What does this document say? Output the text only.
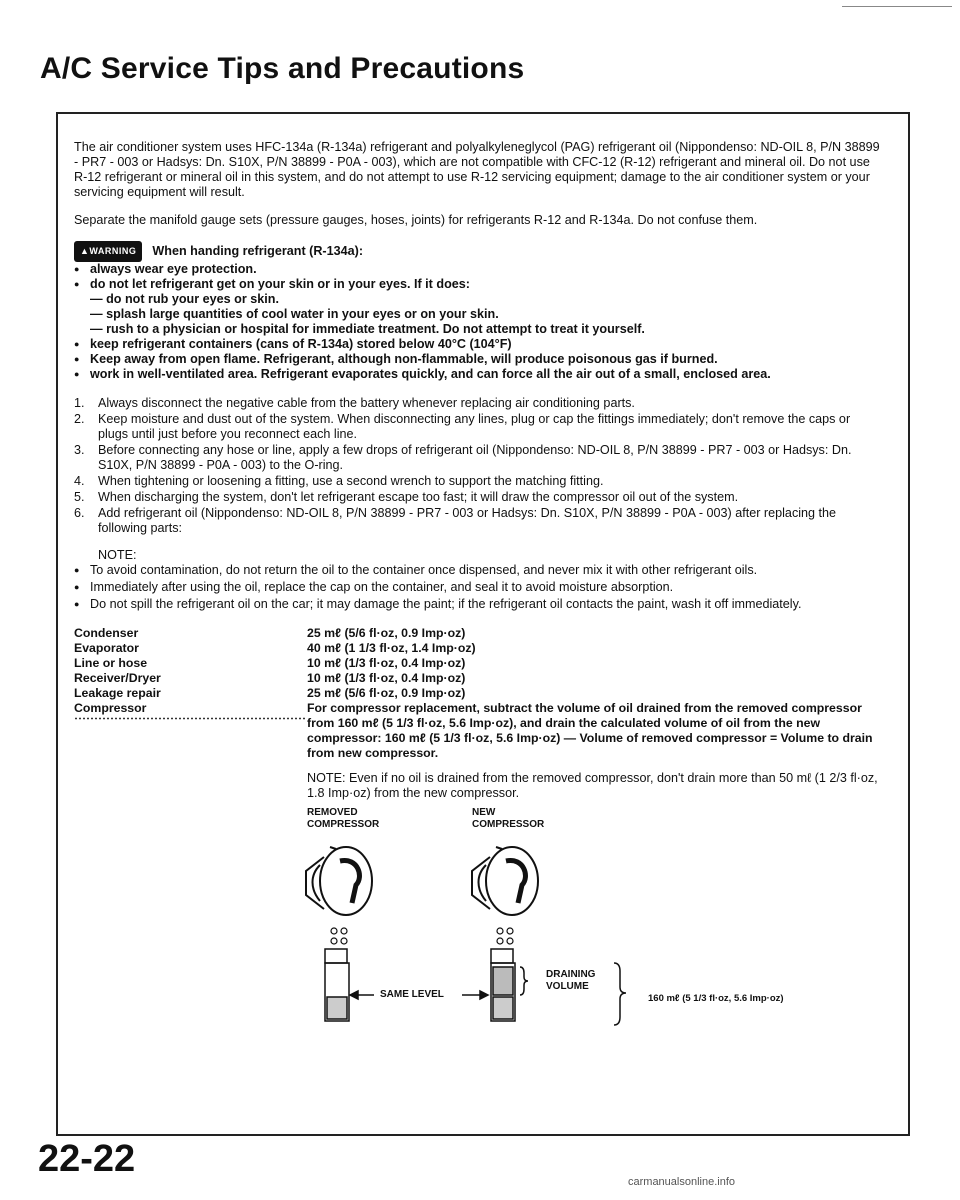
A/C Service Tips and Precautions

The air conditioner system uses HFC-134a (R-134a) refrigerant and polyalkyleneglycol (PAG) refrigerant oil (Nippondenso: ND-OIL 8, P/N 38899 - PR7 - 003 or Hadsys: Dn. S10X, P/N 38899 - P0A - 003), which are not compatible with CFC-12 (R-12) refrigerant and mineral oil. Do not use R-12 refrigerant or mineral oil in this system, and do not attempt to use R-12 servicing equipment; damage to the air conditioner system or your servicing equipment will result.

Separate the manifold gauge sets (pressure gauges, hoses, joints) for refrigerants R-12 and R-134a. Do not confuse them.

▲WARNING When handing refrigerant (R-134a):
● always wear eye protection.
● do not let refrigerant get on your skin or in your eyes. If it does:
— do not rub your eyes or skin.
— splash large quantities of cool water in your eyes or on your skin.
— rush to a physician or hospital for immediate treatment. Do not attempt to treat it yourself.
● keep refrigerant containers (cans of R-134a) stored below 40°C (104°F)
● Keep away from open flame. Refrigerant, although non-flammable, will produce poisonous gas if burned.
● work in well-ventilated area. Refrigerant evaporates quickly, and can force all the air out of a small, enclosed area.
1. Always disconnect the negative cable from the battery whenever replacing air conditioning parts.
2. Keep moisture and dust out of the system. When disconnecting any lines, plug or cap the fittings immediately; don't remove the caps or plugs until just before you reconnect each line.
3. Before connecting any hose or line, apply a few drops of refrigerant oil (Nippondenso: ND-OIL 8, P/N 38899 - PR7 - 003 or Hadsys: Dn. S10X, P/N 38899 - P0A - 003) to the O-ring.
4. When tightening or loosening a fitting, use a second wrench to support the matching fitting.
5. When discharging the system, don't let refrigerant escape too fast; it will draw the compressor oil out of the system.
6. Add refrigerant oil (Nippondenso: ND-OIL 8, P/N 38899 - PR7 - 003 or Hadsys: Dn. S10X, P/N 38899 - P0A - 003) after replacing the following parts:
NOTE:
● To avoid contamination, do not return the oil to the container once dispensed, and never mix it with other refrigerant oils.
● Immediately after using the oil, replace the cap on the container, and seal it to avoid moisture absorption.
● Do not spill the refrigerant oil on the car; it may damage the paint; if the refrigerant oil contacts the paint, wash it off immediately.
Condenser	25 mℓ (5/6 fl·oz, 0.9 Imp·oz)
Evaporator	40 mℓ (1 1/3 fl·oz, 1.4 Imp·oz)
Line or hose	10 mℓ (1/3 fl·oz, 0.4 Imp·oz)
Receiver/Dryer	10 mℓ (1/3 fl·oz, 0.4 Imp·oz)
Leakage repair	25 mℓ (5/6 fl·oz, 0.9 Imp·oz)
Compressor	For compressor replacement, subtract the volume of oil drained from the removed compressor from 160 mℓ (5 1/3 fl·oz, 5.6 Imp·oz), and drain the calculated volume of oil from the new compressor: 160 mℓ (5 1/3 fl·oz, 5.6 Imp·oz) — Volume of removed compressor = Volume to drain from new compressor.

NOTE: Even if no oil is drained from the removed compressor, don't drain more than 50 mℓ (1 2/3 fl·oz, 1.8 Imp·oz) from the new compressor.

REMOVED
COMPRESSOR
NEW
COMPRESSOR
SAME LEVEL
DRAINING
VOLUME
160 mℓ (5 1/3 fl·oz, 5.6 Imp·oz)
22-22
carmanualsonline.info
